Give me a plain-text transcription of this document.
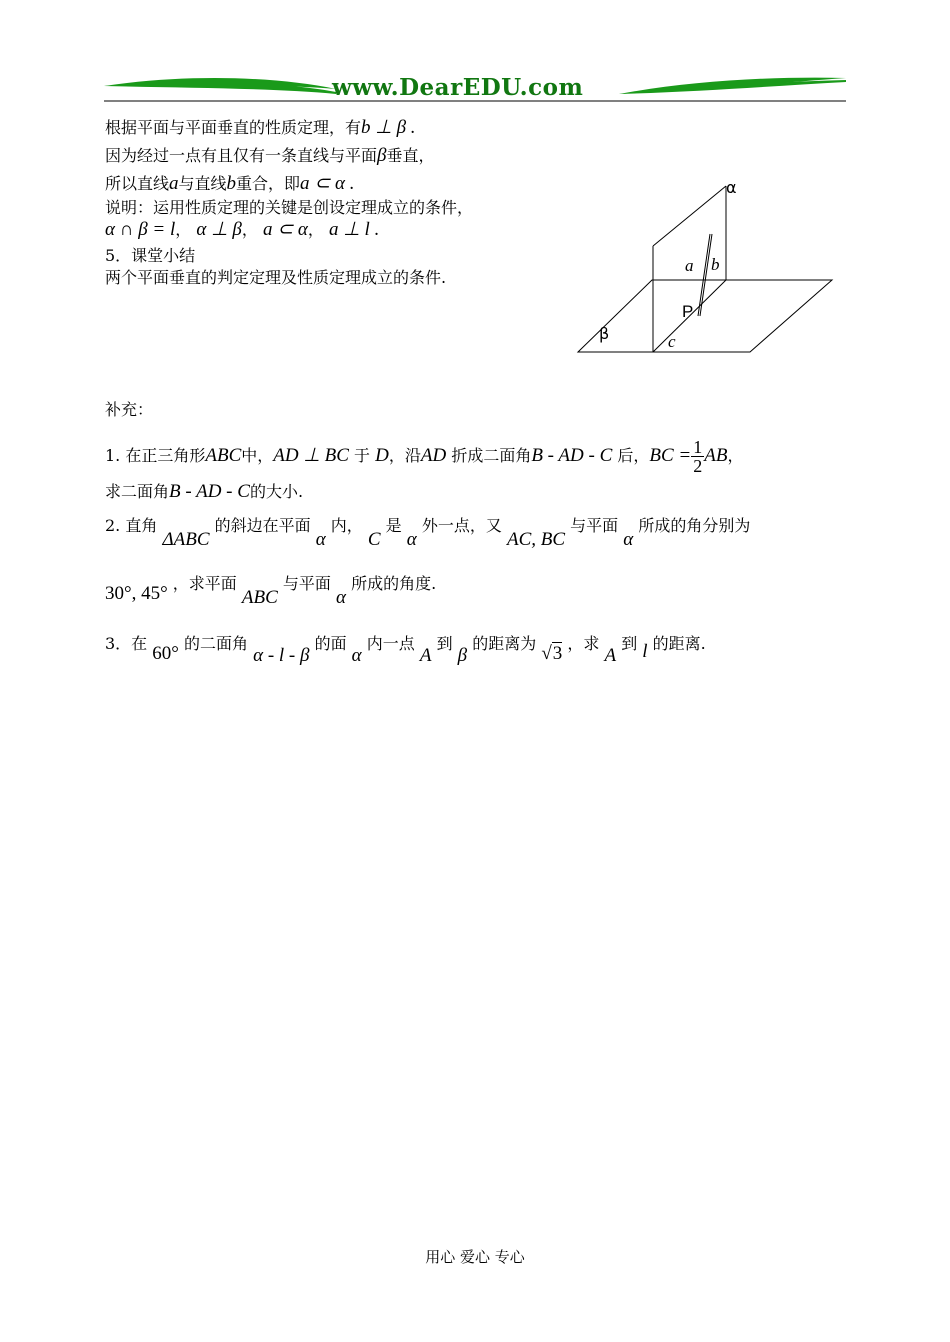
www.DearEDU.com
根据平面与平面垂直的性质定理，有b ⊥ β .
因为经过一点有且仅有一条直线与平面β垂直，
所以直线a与直线b重合，即a ⊂ α .
说明：运用性质定理的关键是创设定理成立的条件，
α ∩ β = l， α ⊥ β， a ⊂ α， a ⊥ l .
5．课堂小结
两个平面垂直的判定定理及性质定理成立的条件.
α
a b
P
β	c
补充：
1. 在正三角形ABC中，AD ⊥ BC 于 D，沿AD 折成二面角B - AD - C 后，BC = $\frac{1}{2}$ AB，
求二面角B - AD - C的大小.
2. 直角 ΔABC 的斜边在平面 α 内， C 是 α 外一点，又 AC, BC 与平面 α 所成的角分别为
30°, 45° ，求平面 ABC 与平面 α 所成的角度.
3．在 60° 的二面角 α - l - β 的面 α 内一点 A 到 β 的距离为 √3 ，求 A 到 l 的距离.
用心 爱心 专心
